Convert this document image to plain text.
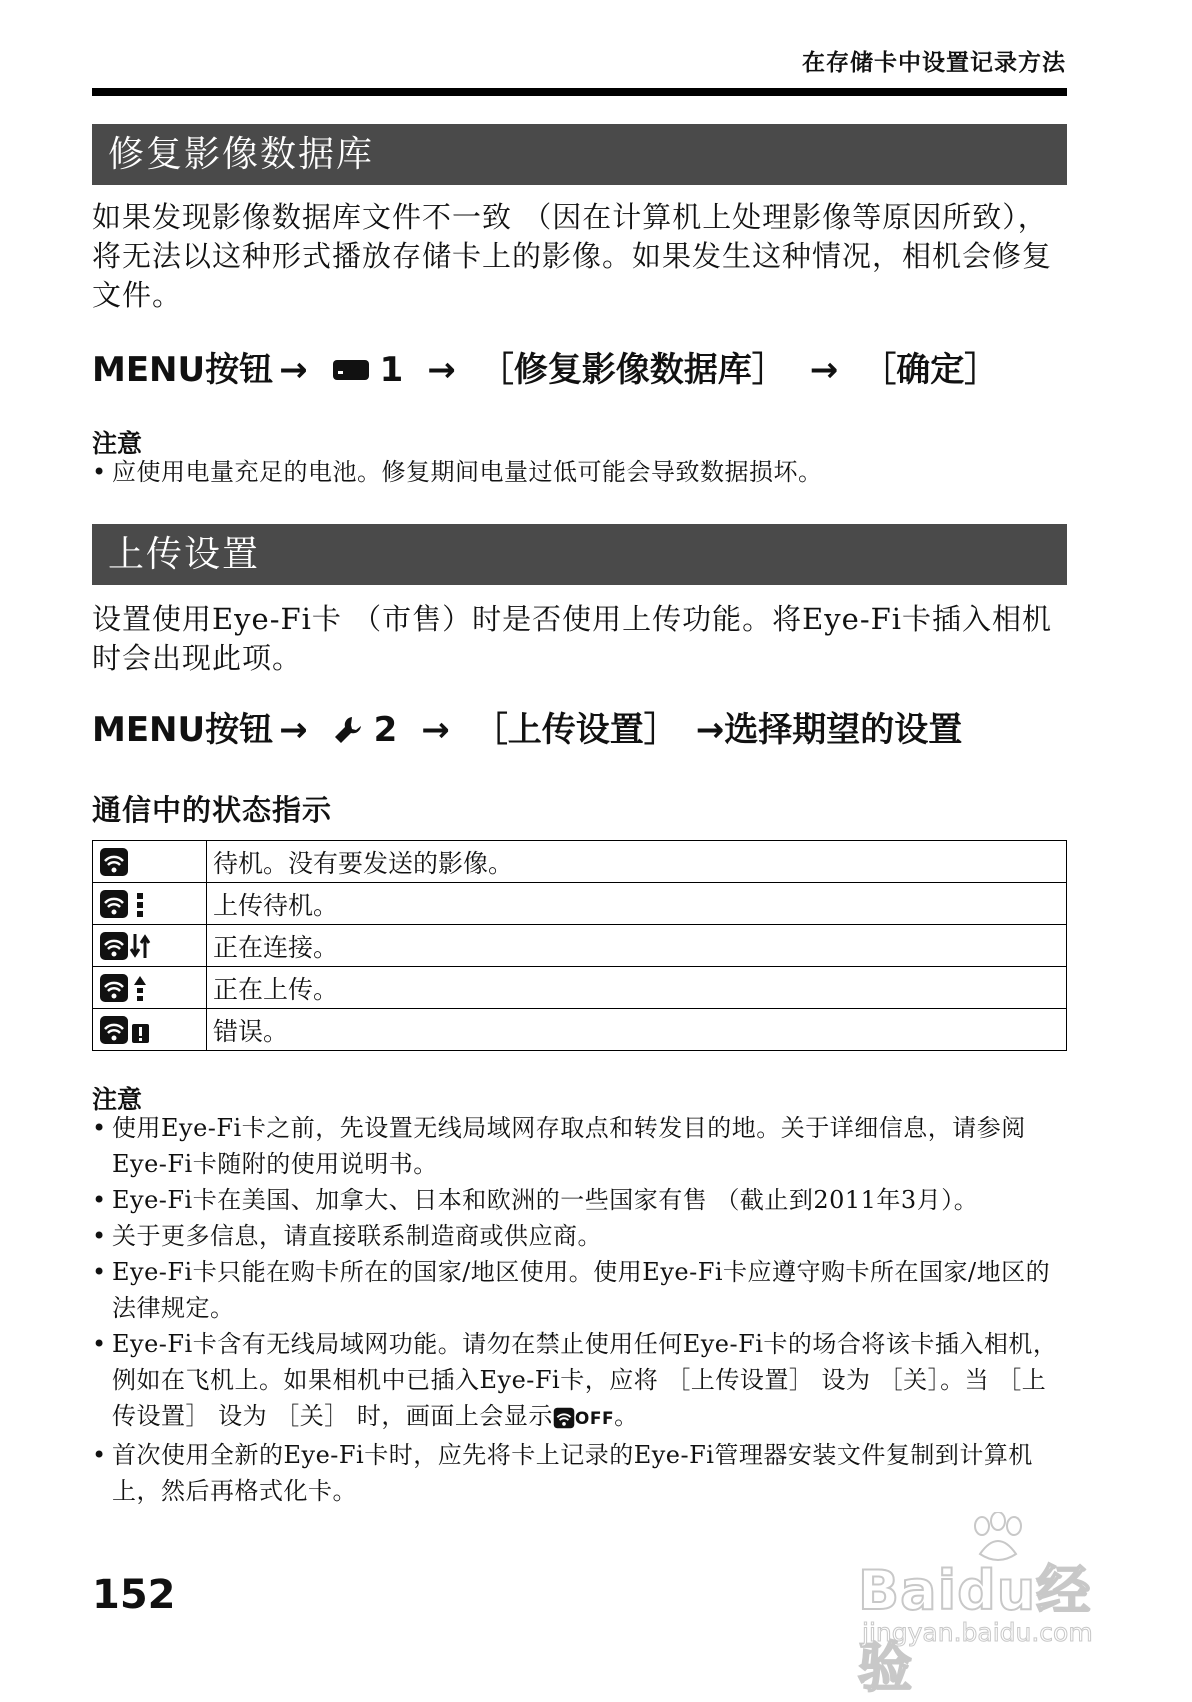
在存储卡中设置记录方法
修复影像数据库
如果发现影像数据库文件不一致 （因在计算机上处理影像等原因所致），将无法以这种形式播放存储卡上的影像。如果发生这种情况，相机会修复文件。
MENU按钮 → 1 → ［修复影像数据库］ → ［确定］
注意
• 应使用电量充足的电池。修复期间电量过低可能会导致数据损坏。
上传设置
设置使用Eye-Fi卡 （市售）时是否使用上传功能。将Eye-Fi卡插入相机时会出现此项。
MENU按钮 → 2 → ［上传设置］ →选择期望的设置
通信中的状态指示
	待机。没有要发送的影像。
	上传待机。
	正在连接。
	正在上传。
	错误。
注意
• 使用Eye-Fi卡之前，先设置无线局域网存取点和转发目的地。关于详细信息，请参阅Eye-Fi卡随附的使用说明书。
• Eye-Fi卡在美国、加拿大、日本和欧洲的一些国家有售 （截止到2011年3月）。
• 关于更多信息，请直接联系制造商或供应商。
• Eye-Fi卡只能在购卡所在的国家/地区使用。使用Eye-Fi卡应遵守购卡所在国家/地区的法律规定。
• Eye-Fi卡含有无线局域网功能。请勿在禁止使用任何Eye-Fi卡的场合将该卡插入相机，例如在飞机上。如果相机中已插入Eye-Fi卡，应将 ［上传设置］ 设为 ［关］。当 ［上传设置］ 设为 ［关］ 时，画面上会显示 OFF。
• 首次使用全新的Eye-Fi卡时，应先将卡上记录的Eye-Fi管理器安装文件复制到计算机上，然后再格式化卡。
152	Baidu经验
jingyan.baidu.com
